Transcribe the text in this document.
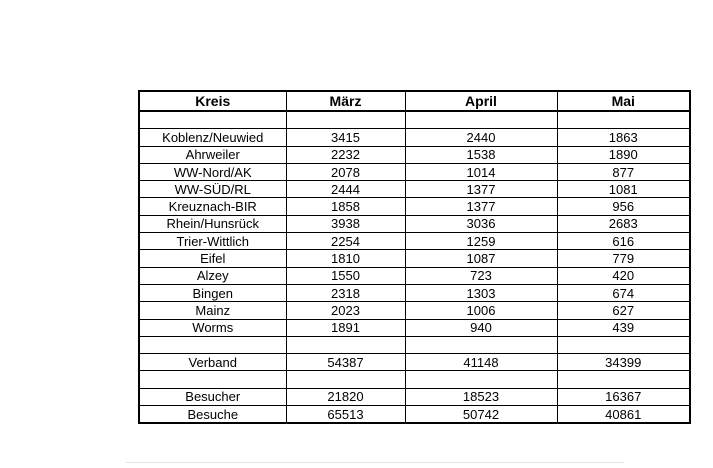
Kreis	März	April	Mai

Koblenz/Neuwied	3415	2440	1863
Ahrweiler	2232	1538	1890
WW-Nord/AK	2078	1014	877
WW-SÜD/RL	2444	1377	1081
Kreuznach-BIR	1858	1377	956
Rhein/Hunsrück	3938	3036	2683
Trier-Wittlich	2254	1259	616
Eifel	1810	1087	779
Alzey	1550	723	420
Bingen	2318	1303	674
Mainz	2023	1006	627
Worms	1891	940	439

Verband	54387	41148	34399

Besucher	21820	18523	16367
Besuche	65513	50742	40861
